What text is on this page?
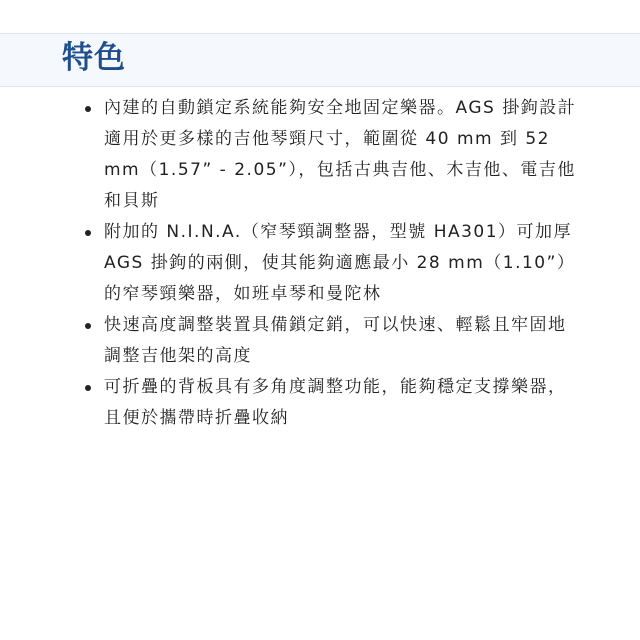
特色
內建的自動鎖定系統能夠安全地固定樂器。AGS 掛鉤設計適用於更多樣的吉他琴頸尺寸，範圍從 40 mm 到 52 mm（1.57” - 2.05”），包括古典吉他、木吉他、電吉他和貝斯
附加的 N.I.N.A.（窄琴頸調整器，型號 HA301）可加厚 AGS 掛鉤的兩側，使其能夠適應最小 28 mm（1.10”）的窄琴頸樂器，如班卓琴和曼陀林
快速高度調整裝置具備鎖定銷，可以快速、輕鬆且牢固地調整吉他架的高度
可折疊的背板具有多角度調整功能，能夠穩定支撐樂器，且便於攜帶時折疊收納
